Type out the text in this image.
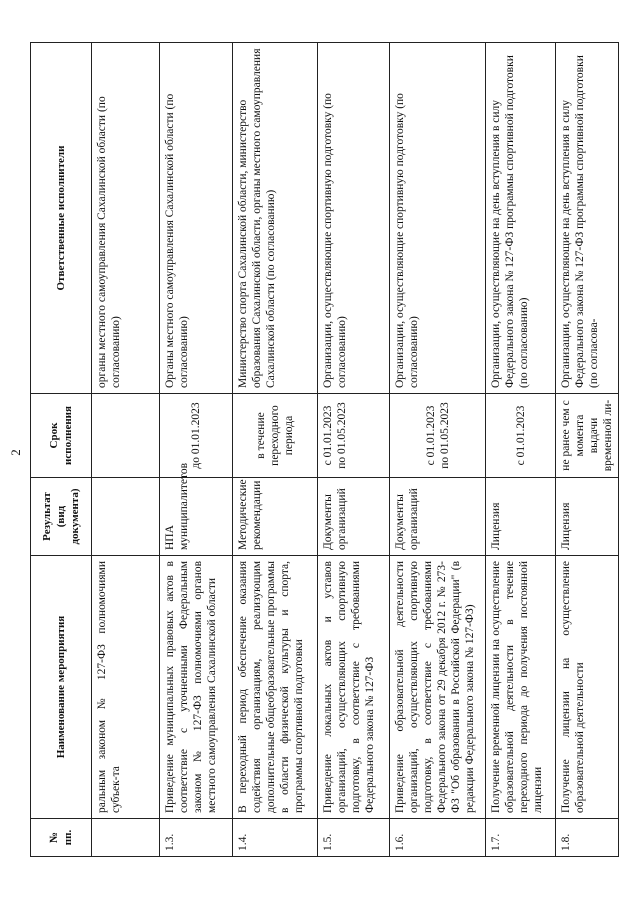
2
№ пп.	Наименование мероприятия	Результат (вид документа)	Срок исполнения	Ответственные исполнители
	ральным законом № 127-ФЗ полномочиями субъек-та			органы местного самоуправления Сахалинской области (по согласованию)
1.3.	Приведение муниципальных правовых актов в соответствие с уточненными Федеральным законом № 127-ФЗ полномочиями органов местного самоуправления Сахалинской области	НПА муниципалитетов	до 01.01.2023	Органы местного самоуправления Сахалинской области (по согласованию)
1.4.	В переходный период обеспечение оказания содействия организациям, реализующим дополнительные общеобразовательные программы в области физической культуры и спорта, программы спортивной подготовки	Методические рекомендации	в течение переходного периода	Министерство спорта Сахалинской области, министерство образования Сахалинской области, органы местного самоуправления Сахалинской области (по согласованию)
1.5.	Приведение локальных актов и уставов организаций, осуществляющих спортивную подготовку, в соответствие с требованиями Федерального закона № 127-ФЗ	Документы организаций	с 01.01.2023 по 01.05.2023	Организации, осуществляющие спортивную подготовку (по согласованию)
1.6.	Приведение образовательной деятельности организаций, осуществляющих спортивную подготовку, в соответствие с требованиями Федерального закона от 29 декабря 2012 г. № 273-ФЗ "Об образовании в Российской Федерации" (в редакции Федерального закона № 127-ФЗ)	Документы организаций	с 01.01.2023 по 01.05.2023	Организации, осуществляющие спортивную подготовку (по согласованию)
1.7.	Получение временной лицензии на осуществление образовательной деятельности в течение переходного периода до получения постоянной лицензии	Лицензия	с 01.01.2023	Организации, осуществляющие на день вступления в силу Федерального закона № 127-ФЗ программы спортивной подготовки (по согласованию)
1.8.	Получение лицензии на осуществление образовательной деятельности	Лицензия	не ранее чем с момента выдачи временной ли-	Организации, осуществляющие на день вступления в силу Федерального закона № 127-ФЗ программы спортивной подготовки (по согласова-
